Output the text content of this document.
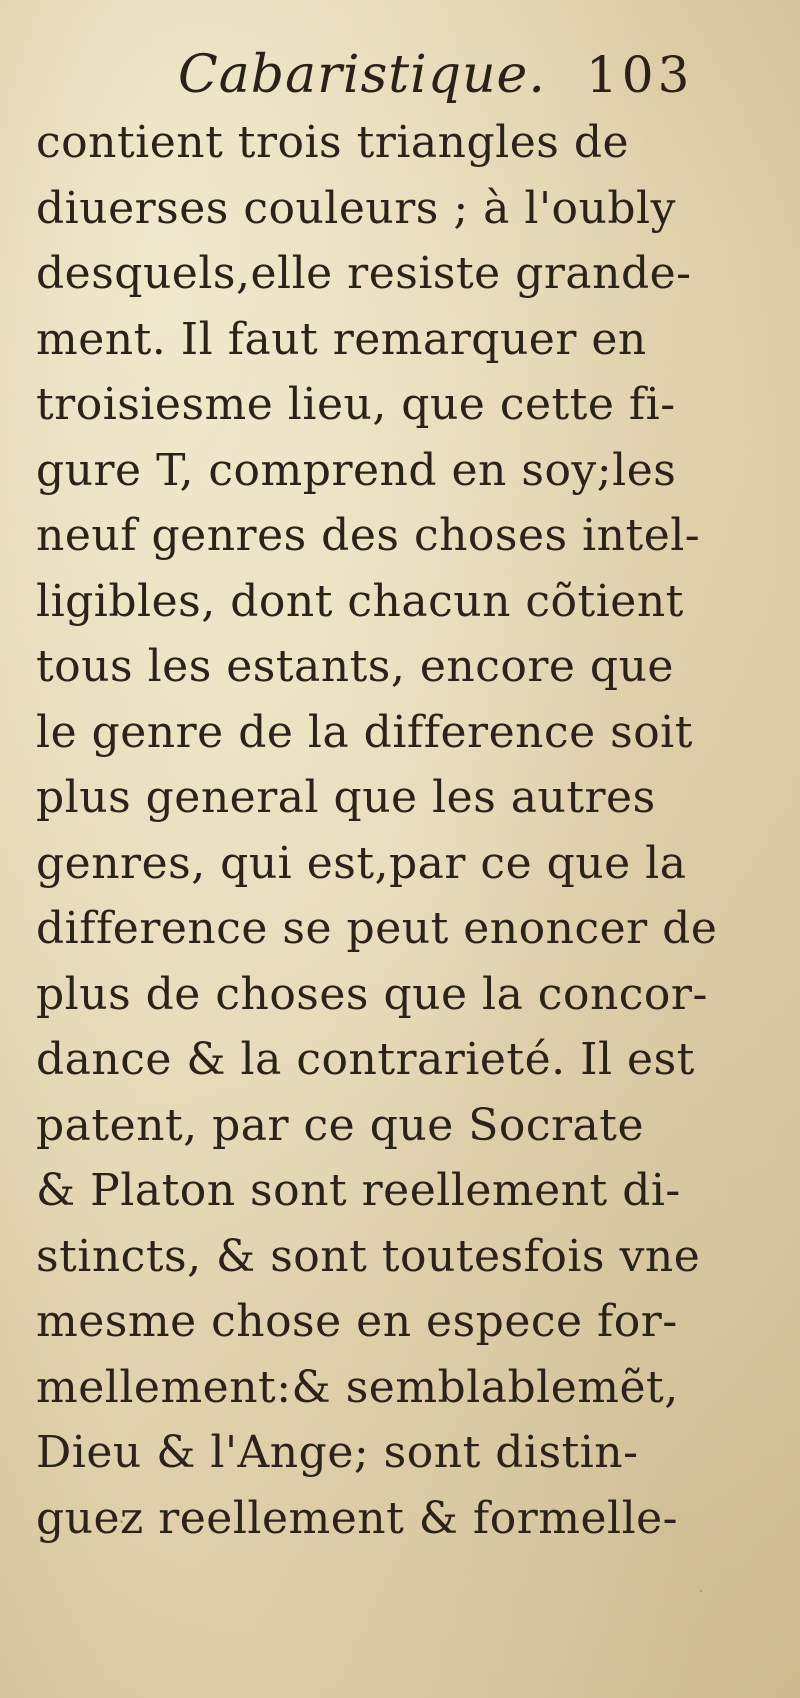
Cabaristique. 103
contient trois triangles de
diuerses couleurs ; à l'oubly
desquels,elle resiste grande-
ment. Il faut remarquer en
troisiesme lieu, que cette fi-
gure T, comprend en soy;les
neuf genres des choses intel-
ligibles, dont chacun cõtient
tous les estants, encore que
le genre de la difference soit
plus general que les autres
genres, qui est,par ce que la
difference se peut enoncer de
plus de choses que la concor-
dance & la contrarieté. Il est
patent, par ce que Socrate
& Platon sont reellement di-
stincts, & sont toutesfois vne
mesme chose en espece for-
mellement:& semblablemẽt,
Dieu & l'Ange; sont distin-
guez reellement & formelle-
